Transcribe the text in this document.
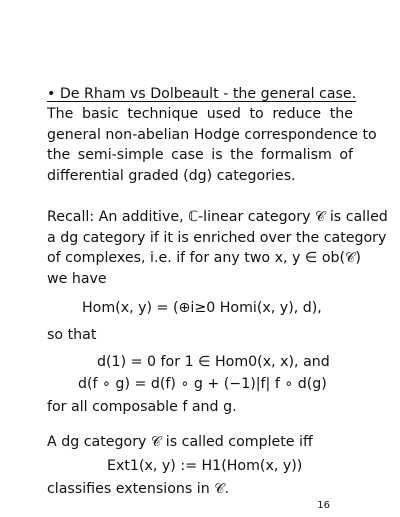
• De Rham vs Dolbeault - the general case.
The basic technique used to reduce the
general non-abelian Hodge correspondence to
the semi-simple case is the formalism of
differential graded (dg) categories.
Recall: An additive, ℂ-linear category 𝒞 is called
a dg category if it is enriched over the category
of complexes, i.e. if for any two x, y ∈ ob(𝒞)
we have
Hom(x, y) = (⊕i≥0 Homi(x, y), d),
so that
d(1) = 0 for 1 ∈ Hom0(x, x), and
d(f ∘ g) = d(f) ∘ g + (−1)|f| f ∘ d(g)
for all composable f and g.
A dg category 𝒞 is called complete iff
Ext1(x, y) := H1(Hom(x, y))
classifies extensions in 𝒞.
16
